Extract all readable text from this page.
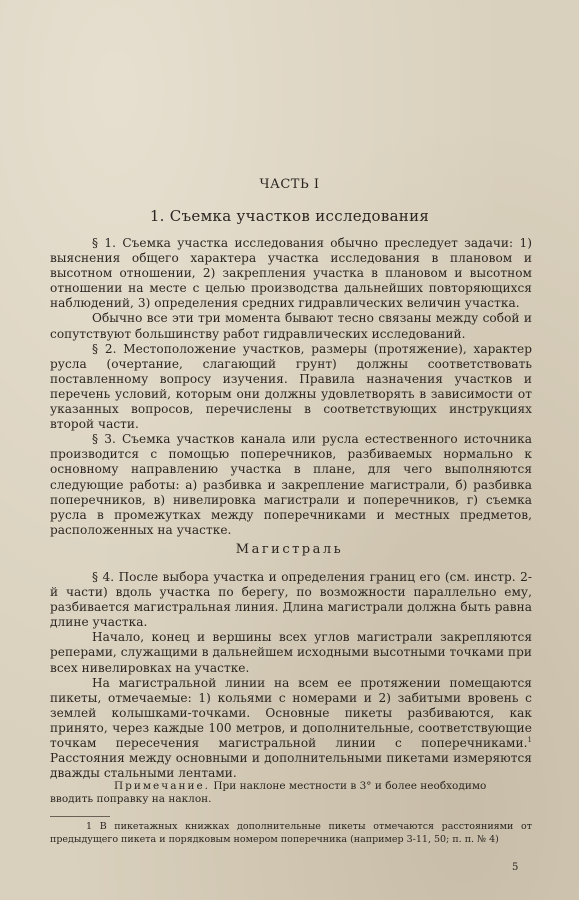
ЧАСТЬ I
1. Съемка участков исследования

§ 1. Съемка участка исследования обычно преследует задачи: 1) выяснения общего характера участка исследования в плановом и высотном отношении, 2) закрепления участка в плановом и высотном отношении на месте с целью производства дальнейших повторяющихся наблюдений, 3) определения средних гидравлических величин участка.

Обычно все эти три момента бывают тесно связаны между собой и сопутствуют большинству работ гидравлических исследований.

§ 2. Местоположение участков, размеры (протяжение), характер русла (очертание, слагающий грунт) должны соответствовать поставленному вопросу изучения. Правила назначения участков и перечень условий, которым они должны удовлетворять в зависимости от указанных вопросов, перечислены в соответствующих инструкциях второй части.

§ 3. Съемка участков канала или русла естественного источника производится с помощью поперечников, разбиваемых нормально к основному направлению участка в плане, для чего выполняются следующие работы: а) разбивка и закрепление магистрали, б) разбивка поперечников, в) нивелировка магистрали и поперечников, г) съемка русла в промежутках между поперечниками и местных предметов, расположенных на участке.

Магистраль

§ 4. После выбора участка и определения границ его (см. инстр. 2-й части) вдоль участка по берегу, по возможности параллельно ему, разбивается магистральная линия. Длина магистрали должна быть равна длине участка.

Начало, конец и вершины всех углов магистрали закрепляются реперами, служащими в дальнейшем исходными высотными точками при всех нивелировках на участке.

На магистральной линии на всем ее протяжении помещаются пикеты, отмечаемые: 1) кольями с номерами и 2) забитыми вровень с землей колышками-точками. Основные пикеты разбиваются, как принято, через каждые 100 метров, и дополнительные, соответствующие точкам пересечения магистральной линии с поперечниками.$^1$ Расстояния между основными и дополнительными пикетами измеряются дважды стальными лентами.

Примечание. При наклоне местности в 3° и более необходимо вводить поправку на наклон.

1 В пикетажных книжках дополнительные пикеты отмечаются расстояниями от предыдущего пикета и порядковым номером поперечника (например 3-11, 50; п. п. № 4)

5
